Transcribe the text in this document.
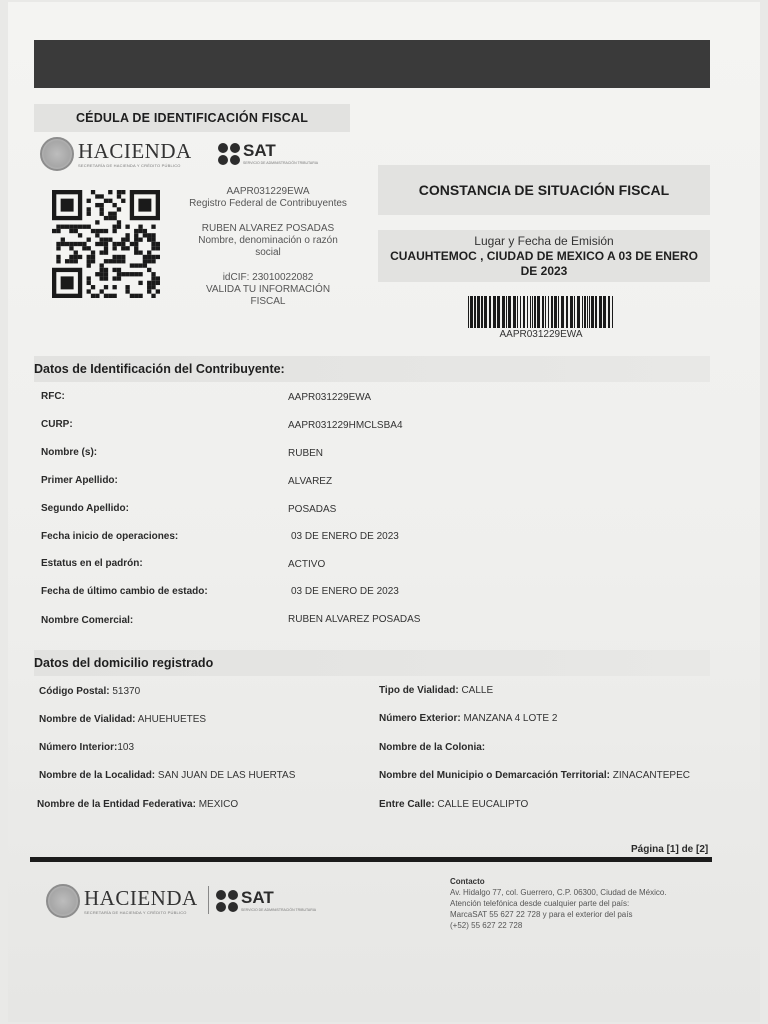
CÉDULA DE IDENTIFICACIÓN FISCAL
HACIENDA
SECRETARÍA DE HACIENDA Y CRÉDITO PÚBLICO
SAT
SERVICIO DE ADMINISTRACIÓN TRIBUTARIA
AAPR031229EWA
Registro Federal de Contribuyentes
RUBEN ALVAREZ POSADAS
Nombre, denominación o razón
social
idCIF: 23010022082
VALIDA TU INFORMACIÓN
FISCAL
CONSTANCIA DE SITUACIÓN FISCAL
Lugar y Fecha de Emisión
CUAUHTEMOC , CIUDAD DE MEXICO A 03 DE ENERO
DE 2023
AAPR031229EWA
Datos de Identificación del Contribuyente:
RFC:	AAPR031229EWA
CURP:	AAPR031229HMCLSBA4
Nombre (s):	RUBEN
Primer Apellido:	ALVAREZ
Segundo Apellido:	POSADAS
Fecha inicio de operaciones:	03 DE ENERO DE 2023
Estatus en el padrón:	ACTIVO
Fecha de último cambio de estado:	03 DE ENERO DE 2023
Nombre Comercial:	RUBEN ALVAREZ POSADAS
Datos del domicilio registrado
Código Postal: 51370
Nombre de Vialidad: AHUEHUETES
Número Interior:103
Nombre de la Localidad: SAN JUAN DE LAS HUERTAS
Nombre de la Entidad Federativa: MEXICO
Tipo de Vialidad: CALLE
Número Exterior: MANZANA 4 LOTE 2
Nombre de la Colonia:
Nombre del Municipio o Demarcación Territorial: ZINACANTEPEC
Entre Calle: CALLE EUCALIPTO
Página [1] de [2]
HACIENDA
SECRETARÍA DE HACIENDA Y CRÉDITO PÚBLICO
SAT
SERVICIO DE ADMINISTRACIÓN TRIBUTARIA
Contacto
Av. Hidalgo 77, col. Guerrero, C.P. 06300, Ciudad de México.
Atención telefónica desde cualquier parte del país:
MarcaSAT 55 627 22 728 y para el exterior del país
(+52) 55 627 22 728
